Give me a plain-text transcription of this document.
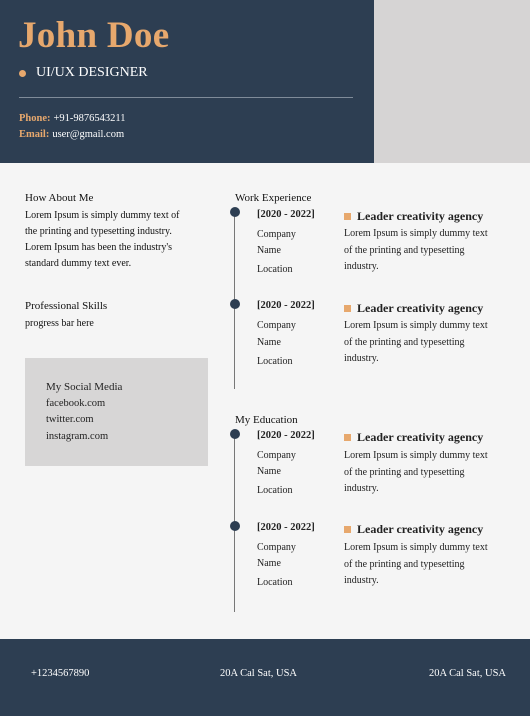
John Doe
UI/UX DESIGNER
Phone: +91-9876543211
Email: user@gmail.com
How About Me
Lorem Ipsum is simply dummy text of
the printing and typesetting industry.
Lorem Ipsum has been the industry's
standard dummy text ever.
Professional Skills
progress bar here
My Social Media
facebook.com
twitter.com
instagram.com
Work Experience
[2020 - 2022]
Company
Name
Location
Leader creativity agency
Lorem Ipsum is simply dummy text
of the printing and typesetting
industry.
[2020 - 2022]
Company
Name
Location
Leader creativity agency
Lorem Ipsum is simply dummy text
of the printing and typesetting
industry.
My Education
[2020 - 2022]
Company
Name
Location
Leader creativity agency
Lorem Ipsum is simply dummy text
of the printing and typesetting
industry.
[2020 - 2022]
Company
Name
Location
Leader creativity agency
Lorem Ipsum is simply dummy text
of the printing and typesetting
industry.
+1234567890	20A Cal Sat, USA	20A Cal Sat, USA
